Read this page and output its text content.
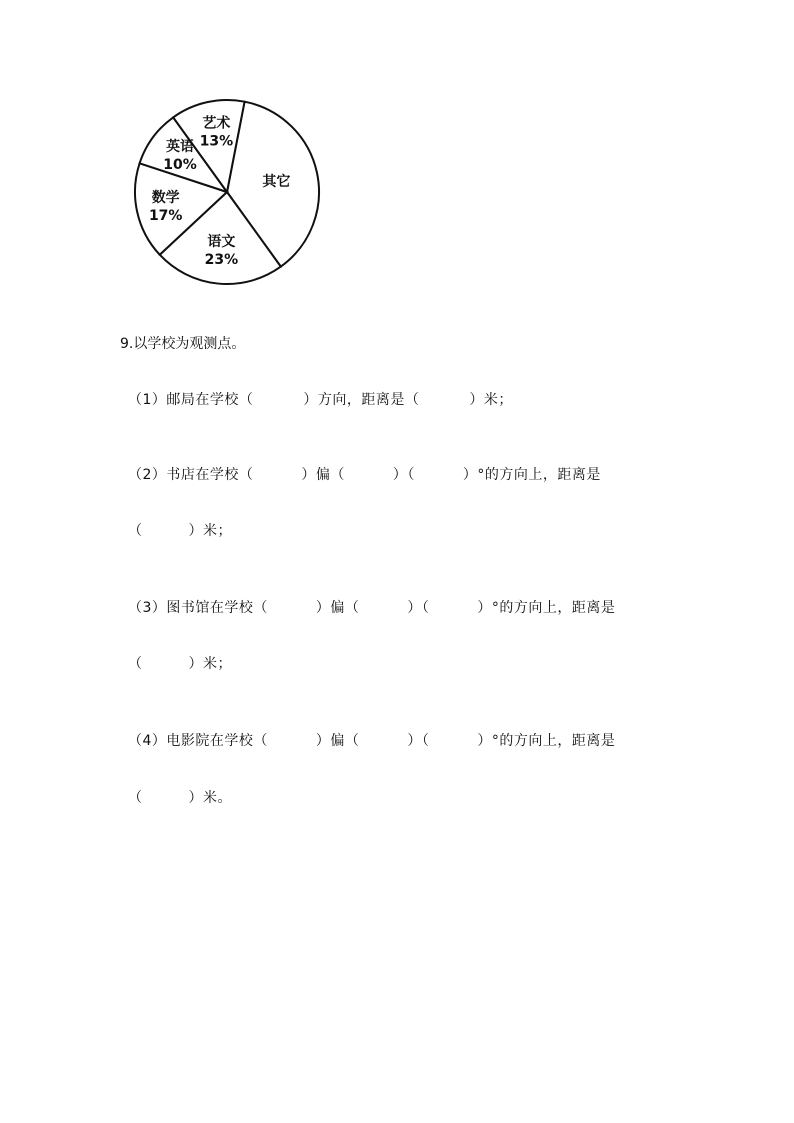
其它
语文
23%
数学
17%
英语
10%
艺术
13%
9.以学校为观测点。
（1）邮局在学校（	）方向，距离是（	）米；
（2）书店在学校（	）偏（	）（	）°的方向上，距离是
（	）米；
（3）图书馆在学校（	）偏（	）（	）°的方向上，距离是
（	）米；
（4）电影院在学校（	）偏（	）（	）°的方向上，距离是
（	）米。
